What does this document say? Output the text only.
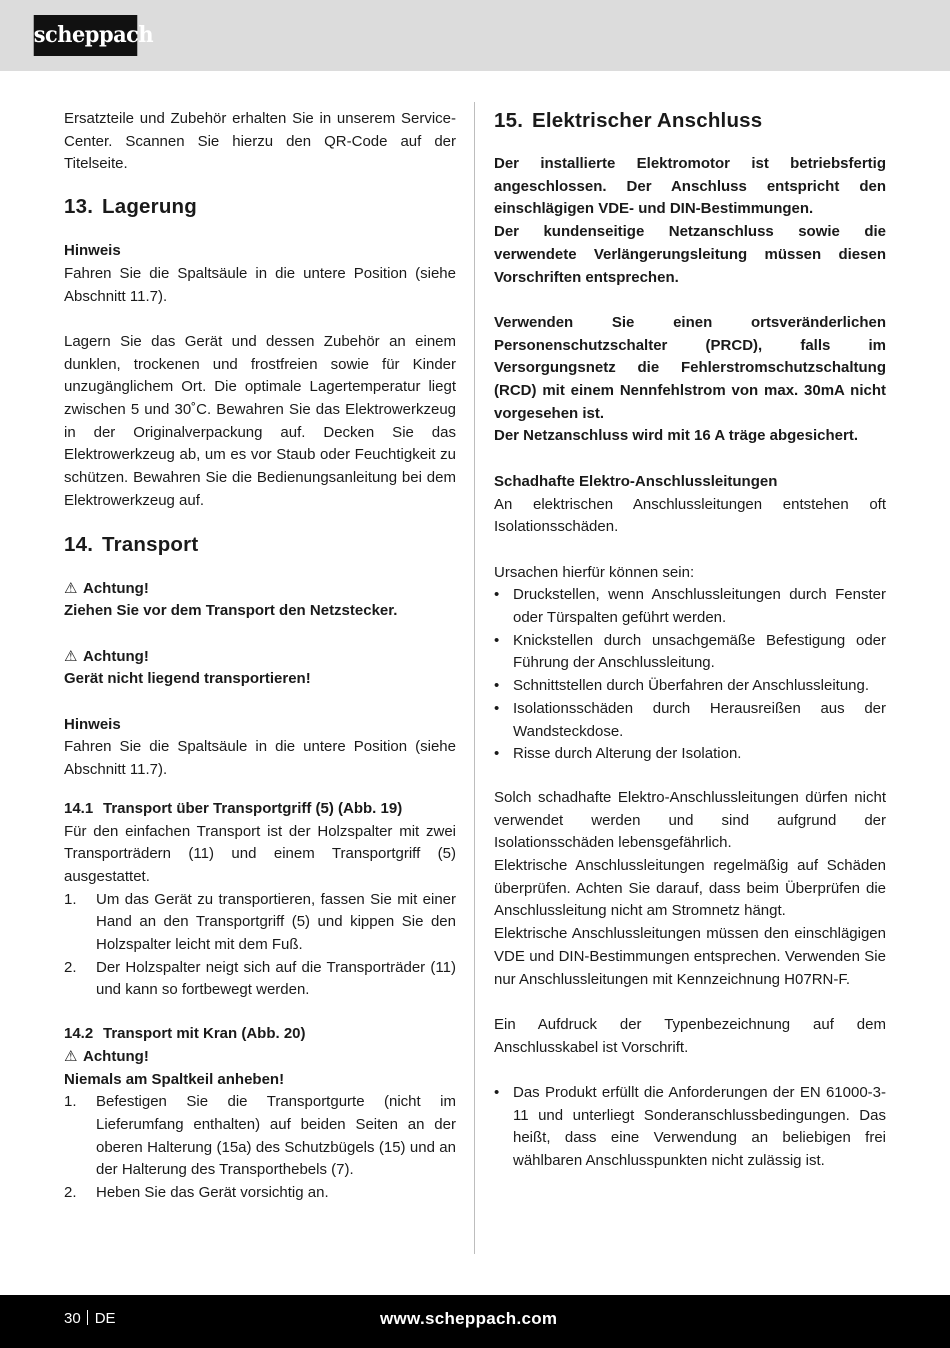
scheppach

Ersatzteile und Zubehör erhalten Sie in unserem Service-Center. Scannen Sie hierzu den QR-Code auf der Titelseite.

13. Lagerung
Hinweis

Fahren Sie die Spaltsäule in die untere Position (siehe Abschnitt 11.7).

Lagern Sie das Gerät und dessen Zubehör an einem dunklen, trockenen und frostfreien sowie für Kinder unzugänglichem Ort. Die optimale Lagertemperatur liegt zwischen 5 und 30˚C. Bewahren Sie das Elektrowerkzeug in der Originalverpackung auf. Decken Sie das Elektrowerkzeug ab, um es vor Staub oder Feuchtigkeit zu schützen. Bewahren Sie die Bedienungsanleitung bei dem Elektrowerkzeug auf.

14. Transport
⚠ Achtung!
Ziehen Sie vor dem Transport den Netzstecker.
⚠ Achtung!
Gerät nicht liegend transportieren!
Hinweis

Fahren Sie die Spaltsäule in die untere Position (siehe Abschnitt 11.7).

14.1 Transport über Transportgriff (5) (Abb. 19)

Für den einfachen Transport ist der Holzspalter mit zwei Transporträdern (11) und einem Transportgriff (5) ausgestattet.

1. Um das Gerät zu transportieren, fassen Sie mit einer Hand an den Transportgriff (5) und kippen Sie den Holzspalter leicht mit dem Fuß.
2. Der Holzspalter neigt sich auf die Transporträder (11) und kann so fortbewegt werden.
14.2 Transport mit Kran (Abb. 20)
⚠ Achtung!
Niemals am Spaltkeil anheben!
1. Befestigen Sie die Transportgurte (nicht im Lieferumfang enthalten) auf beiden Seiten an der oberen Halterung (15a) des Schutzbügels (15) und an der Halterung des Transporthebels (7).
2. Heben Sie das Gerät vorsichtig an.
15. Elektrischer Anschluss

Der installierte Elektromotor ist betriebsfertig angeschlossen. Der Anschluss entspricht den einschlägigen VDE- und DIN-Bestimmungen.

Der kundenseitige Netzanschluss sowie die verwendete Verlängerungsleitung müssen diesen Vorschriften entsprechen.

Verwenden Sie einen ortsveränderlichen Personenschutzschalter (PRCD), falls im Versorgungsnetz die Fehlerstromschutzschaltung (RCD) mit einem Nennfehlstrom von max. 30mA nicht vorgesehen ist.

Der Netzanschluss wird mit 16 A träge abgesichert.

Schadhafte Elektro-Anschlussleitungen

An elektrischen Anschlussleitungen entstehen oft Isolationsschäden.

Ursachen hierfür können sein:

• Druckstellen, wenn Anschlussleitungen durch Fenster oder Türspalten geführt werden.
• Knickstellen durch unsachgemäße Befestigung oder Führung der Anschlussleitung.
• Schnittstellen durch Überfahren der Anschlussleitung.
• Isolationsschäden durch Herausreißen aus der Wandsteckdose.
• Risse durch Alterung der Isolation.

Solch schadhafte Elektro-Anschlussleitungen dürfen nicht verwendet werden und sind aufgrund der Isolationsschäden lebensgefährlich.

Elektrische Anschlussleitungen regelmäßig auf Schäden überprüfen. Achten Sie darauf, dass beim Überprüfen die Anschlussleitung nicht am Stromnetz hängt.

Elektrische Anschlussleitungen müssen den einschlägigen VDE und DIN-Bestimmungen entsprechen. Verwenden Sie nur Anschlussleitungen mit Kennzeichnung H07RN-F.

Ein Aufdruck der Typenbezeichnung auf dem Anschlusskabel ist Vorschrift.

• Das Produkt erfüllt die Anforderungen der EN 61000-3-11 und unterliegt Sonderanschlussbedingungen. Das heißt, dass eine Verwendung an beliebigen frei wählbaren Anschlusspunkten nicht zulässig ist.
30 DE	www.scheppach.com
